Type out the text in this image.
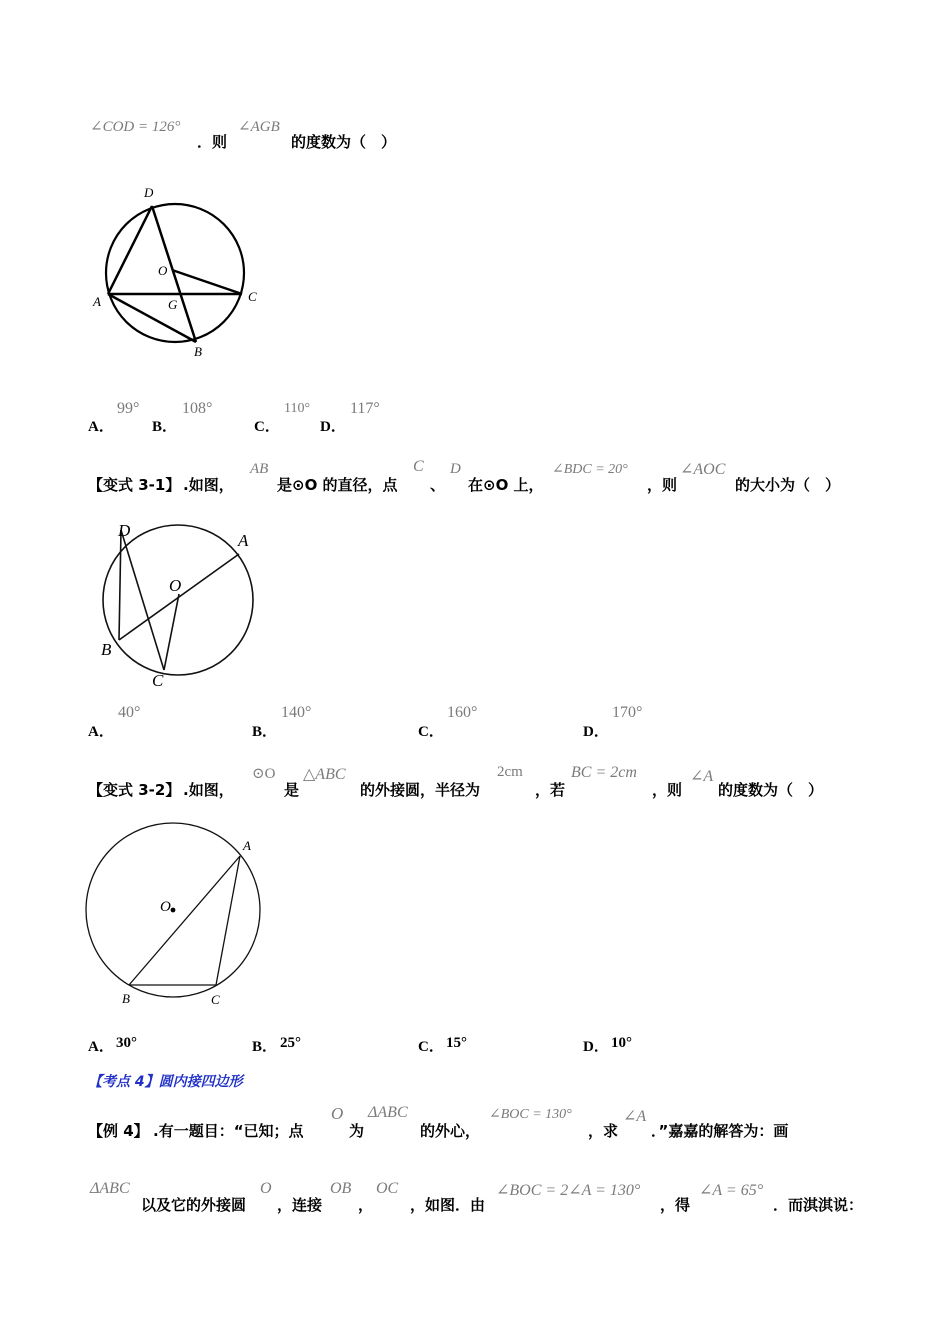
∠COD = 126°
．则
∠AGB
的度数为（　）
D
O
A	G
C
B
A．
99°
B．
108°
C．
110°
D．
117°
【变式 3-1】 .如图，
AB
是⊙O 的直径，点
C
、
D
在⊙O 上，
∠BDC = 20°
，则
∠AOC
的大小为（　）
D
A
O
B
C
A．
40°
B．
140°
C．
160°
D．
170°
【变式 3-2】 .如图，
⊙O
是
△ABC
的外接圆，半径为
2cm
，若
BC = 2cm
，则
∠A
的度数为（　）
A
O
B	C
A． 30°	B． 25°	C． 15°	D． 10°
【考点 4】圆内接四边形
【例 4】 .有一题目：“已知；点
O
为
ΔABC
的外心，
∠BOC = 130°
，求
∠A
．”嘉嘉的解答为：画
ΔABC
以及它的外接圆
O
，连接
OB
，
OC
，如图．由
∠BOC = 2∠A = 130°
，得
∠A = 65°
．而淇淇说：
